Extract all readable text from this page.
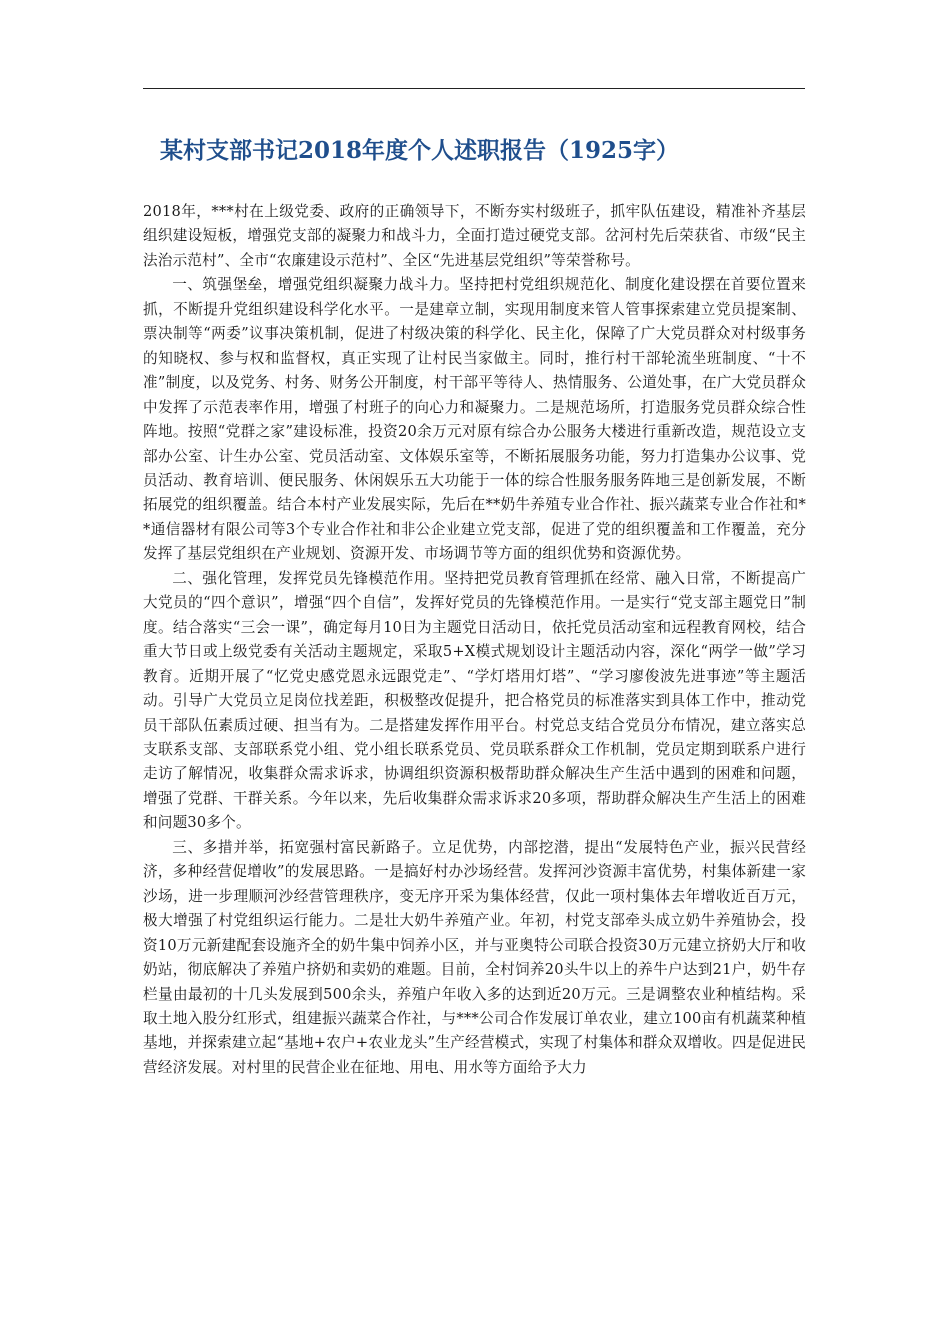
某村支部书记2018年度个人述职报告（1925字）

2018年，***村在上级党委、政府的正确领导下，不断夯实村级班子，抓牢队伍建设，精准补齐基层组织建设短板，增强党支部的凝聚力和战斗力，全面打造过硬党支部。岔河村先后荣获省、市级“民主法治示范村”、全市“农廉建设示范村”、全区“先进基层党组织”等荣誉称号。

一、筑强堡垒，增强党组织凝聚力战斗力。坚持把村党组织规范化、制度化建设摆在首要位置来抓，不断提升党组织建设科学化水平。一是建章立制，实现用制度来管人管事探索建立党员提案制、票决制等“两委”议事决策机制，促进了村级决策的科学化、民主化，保障了广大党员群众对村级事务的知晓权、参与权和监督权，真正实现了让村民当家做主。同时，推行村干部轮流坐班制度、“十不准”制度，以及党务、村务、财务公开制度，村干部平等待人、热情服务、公道处事，在广大党员群众中发挥了示范表率作用，增强了村班子的向心力和凝聚力。二是规范场所，打造服务党员群众综合性阵地。按照“党群之家”建设标准，投资20余万元对原有综合办公服务大楼进行重新改造，规范设立支部办公室、计生办公室、党员活动室、文体娱乐室等，不断拓展服务功能，努力打造集办公议事、党员活动、教育培训、便民服务、休闲娱乐五大功能于一体的综合性服务服务阵地三是创新发展，不断拓展党的组织覆盖。结合本村产业发展实际，先后在**奶牛养殖专业合作社、振兴蔬菜专业合作社和**通信器材有限公司等3个专业合作社和非公企业建立党支部，促进了党的组织覆盖和工作覆盖，充分发挥了基层党组织在产业规划、资源开发、市场调节等方面的组织优势和资源优势。

二、强化管理，发挥党员先锋模范作用。坚持把党员教育管理抓在经常、融入日常，不断提高广大党员的“四个意识”，增强“四个自信”，发挥好党员的先锋模范作用。一是实行“党支部主题党日”制度。结合落实“三会一课”，确定每月10日为主题党日活动日，依托党员活动室和远程教育网校，结合重大节日或上级党委有关活动主题规定，采取5+X模式规划设计主题活动内容，深化“两学一做”学习教育。近期开展了“忆党史感党恩永远跟党走”、“学灯塔用灯塔”、“学习廖俊波先进事迹”等主题活动。引导广大党员立足岗位找差距，积极整改促提升，把合格党员的标准落实到具体工作中，推动党员干部队伍素质过硬、担当有为。二是搭建发挥作用平台。村党总支结合党员分布情况，建立落实总支联系支部、支部联系党小组、党小组长联系党员、党员联系群众工作机制，党员定期到联系户进行走访了解情况，收集群众需求诉求，协调组织资源积极帮助群众解决生产生活中遇到的困难和问题，增强了党群、干群关系。今年以来，先后收集群众需求诉求20多项，帮助群众解决生产生活上的困难和问题30多个。

三、多措并举，拓宽强村富民新路子。立足优势，内部挖潜，提出“发展特色产业，振兴民营经济，多种经营促增收”的发展思路。一是搞好村办沙场经营。发挥河沙资源丰富优势，村集体新建一家沙场，进一步理顺河沙经营管理秩序，变无序开采为集体经营，仅此一项村集体去年增收近百万元，极大增强了村党组织运行能力。二是壮大奶牛养殖产业。年初，村党支部牵头成立奶牛养殖协会，投资10万元新建配套设施齐全的奶牛集中饲养小区，并与亚奥特公司联合投资30万元建立挤奶大厅和收奶站，彻底解决了养殖户挤奶和卖奶的难题。目前，全村饲养20头牛以上的养牛户达到21户，奶牛存栏量由最初的十几头发展到500余头，养殖户年收入多的达到近20万元。三是调整农业种植结构。采取土地入股分红形式，组建振兴蔬菜合作社，与***公司合作发展订单农业，建立100亩有机蔬菜种植基地，并探索建立起“基地+农户+农业龙头”生产经营模式，实现了村集体和群众双增收。四是促进民营经济发展。对村里的民营企业在征地、用电、用水等方面给予大力
